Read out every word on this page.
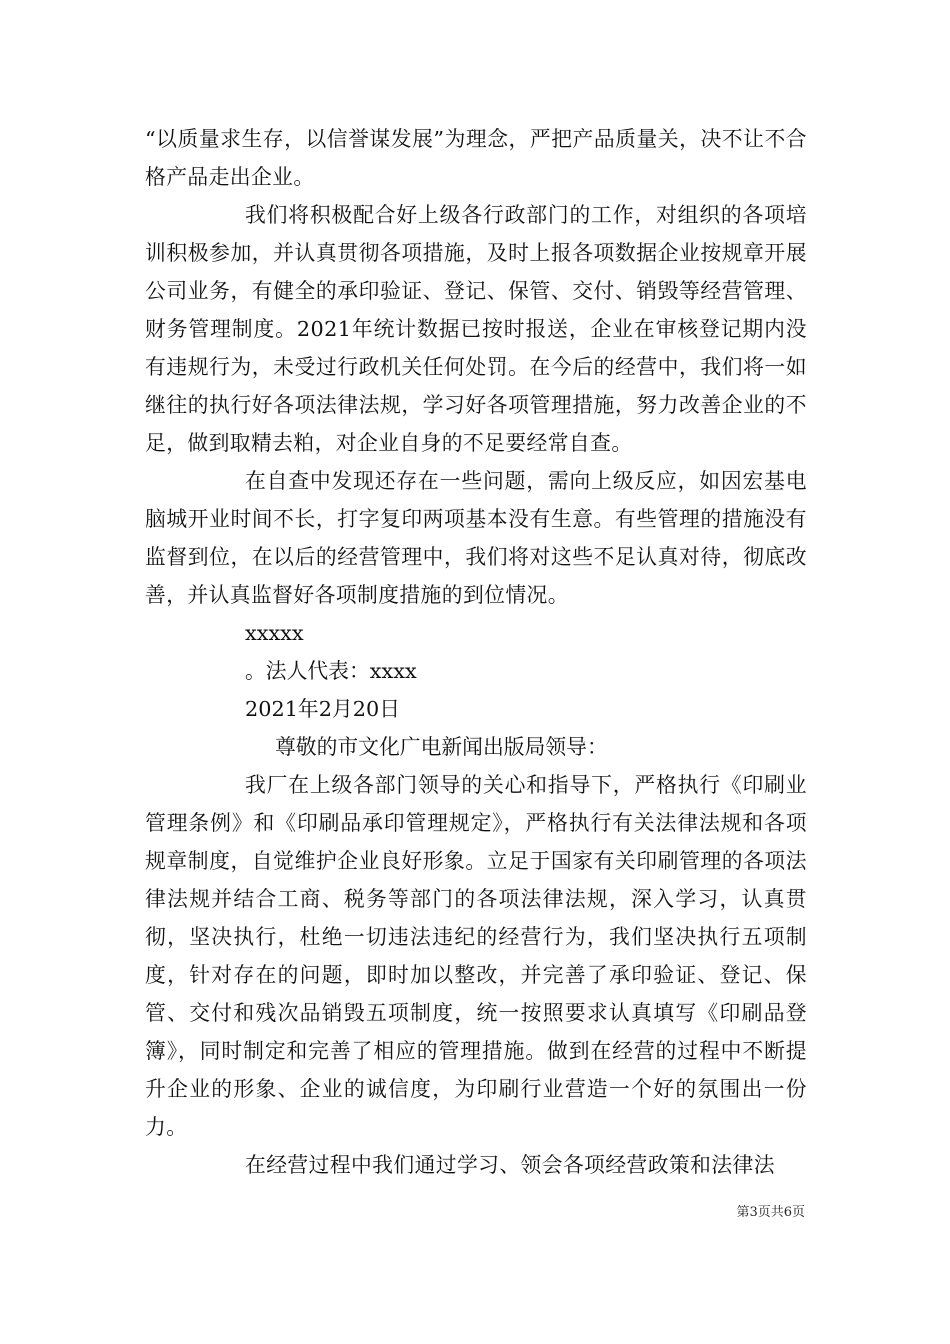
“以质量求生存，以信誉谋发展”为理念，严把产品质量关，决不让不合格产品走出企业。

我们将积极配合好上级各行政部门的工作，对组织的各项培训积极参加，并认真贯彻各项措施，及时上报各项数据企业按规章开展公司业务，有健全的承印验证、登记、保管、交付、销毁等经营管理、财务管理制度。2021年统计数据已按时报送，企业在审核登记期内没有违规行为，未受过行政机关任何处罚。在今后的经营中，我们将一如继往的执行好各项法律法规，学习好各项管理措施，努力改善企业的不足，做到取精去粕，对企业自身的不足要经常自查。

在自查中发现还存在一些问题，需向上级反应，如因宏基电脑城开业时间不长，打字复印两项基本没有生意。有些管理的措施没有监督到位，在以后的经营管理中，我们将对这些不足认真对待，彻底改善，并认真监督好各项制度措施的到位情况。

xxxxx
。法人代表：xxxx
2021年2月20日
尊敬的市文化广电新闻出版局领导：

我厂在上级各部门领导的关心和指导下，严格执行《印刷业管理条例》和《印刷品承印管理规定》，严格执行有关法律法规和各项规章制度，自觉维护企业良好形象。立足于国家有关印刷管理的各项法律法规并结合工商、税务等部门的各项法律法规，深入学习，认真贯彻，坚决执行，杜绝一切违法违纪的经营行为，我们坚决执行五项制度，针对存在的问题，即时加以整改，并完善了承印验证、登记、保管、交付和残次品销毁五项制度，统一按照要求认真填写《印刷品登簿》，同时制定和完善了相应的管理措施。做到在经营的过程中不断提升企业的形象、企业的诚信度，为印刷行业营造一个好的氛围出一份力。

在经营过程中我们通过学习、领会各项经营政策和法律法

第3页共6页
